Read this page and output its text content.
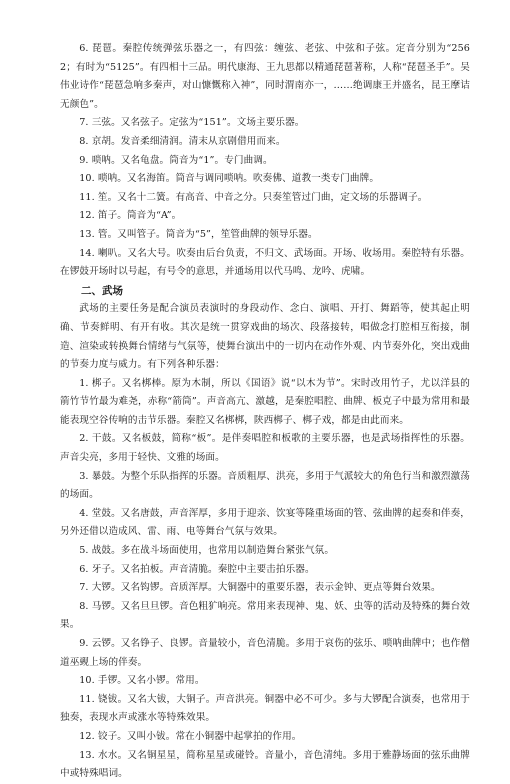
6. 琵琶。秦腔传统弹弦乐器之一，有四弦：缠弦、老弦、中弦和子弦。定音分别为“2562；有时为“5125”。有四相十三品。明代康海、王九思都以精通琵琶著称，人称“琵琶圣手”。吴伟业诗作“琵琶急响多秦声，对山慷慨称入神”，同时渭南亦一，……绝调康王并盛名，昆王摩诘无颜色”。

7. 三弦。又名弦子。定弦为“151”。文场主要乐器。

8. 京胡。发音柔细清润。清末从京剧借用而来。

9. 唢呐。又名龟盘。筒音为“1”。专门曲调。

10. 唢呐。又名海笛。筒音与调同唢呐。吹奏佛、道教一类专门曲牌。

11. 笙。又名十二簧。有高音、中音之分。只奏笙管过门曲，定文场的乐器调子。

12. 笛子。筒音为“A”。

13. 管。又叫管子。筒音为“5”，笙管曲牌的领导乐器。

14. 喇叭。又名大号。吹奏由后台负责，不归文、武场面。开场、收场用。秦腔特有乐器。在锣鼓开场时以号起，有号令的意思，并通场用以代马鸣、龙吟、虎啸。

二、武场

武场的主要任务是配合演员表演时的身段动作、念白、演唱、开打、舞蹈等，使其起止明确、节奏鲜明、有开有收。其次是统一贯穿戏曲的场次、段落接转，唱做念打腔相互衔接，制造、渲染或转换舞台情绪与气氛等，使舞台演出中的一切内在动作外观、内节奏外化，突出戏曲的节奏力度与威力。有下列各种乐器：

1. 梆子。又名梆棒。原为木制，所以《国语》说“以木为节”。宋时改用竹子，尤以洋县的箭竹节竹最为难尧，赤称“箭筒”。声音高亢、激越，是秦腔唱腔、曲牌、板克子中最为常用和最能表现空谷传响的击节乐器。秦腔又名梆梆，陕西梆子、梆子戏，都是由此而来。

2. 干鼓。又名板鼓，简称“板”。是伴奏唱腔和板歌的主要乐器，也是武场指挥性的乐器。声音尖亮，多用于轻快、文雅的场面。

3. 暴鼓。为整个乐队指挥的乐器。音质粗厚、洪亮，多用于气派较大的角色行当和激烈激荡的场面。

4. 堂鼓。又名唐鼓，声音浑厚，多用于迎亲、饮宴等隆重场面的管、弦曲牌的起奏和伴奏，另外还借以造成风、雷、雨、电等舞台气氛与效果。

5. 战鼓。多在战斗场面使用，也常用以制造舞台紧张气氛。

6. 牙子。又名拍板。声音清脆。秦腔中主要击拍乐器。

7. 大锣。又名钩锣。音质浑厚。大铜器中的重要乐器，表示金钟、更点等舞台效果。

8. 马锣。又名旦旦锣。音色粗犷响亮。常用来表现神、鬼、妖、虫等的活动及特殊的舞台效果。

9. 云锣。又名铮子、良锣。音量较小，音色清脆。多用于哀伤的弦乐、唢呐曲牌中；也作僧道巫觋上场的伴奏。

10. 手锣。又名小锣。常用。

11. 铙钹。又名大钹，大铜子。声音洪亮。铜器中必不可少。多与大锣配合演奏，也常用于独奏，表现水声或涨水等特殊效果。

12. 铰子。又叫小钹。常在小铜器中起掌拍的作用。

13. 水水。又名铜星星，简称星星或碰铃。音量小，音色清纯。多用于雅静场面的弦乐曲牌中或特殊唱词。
